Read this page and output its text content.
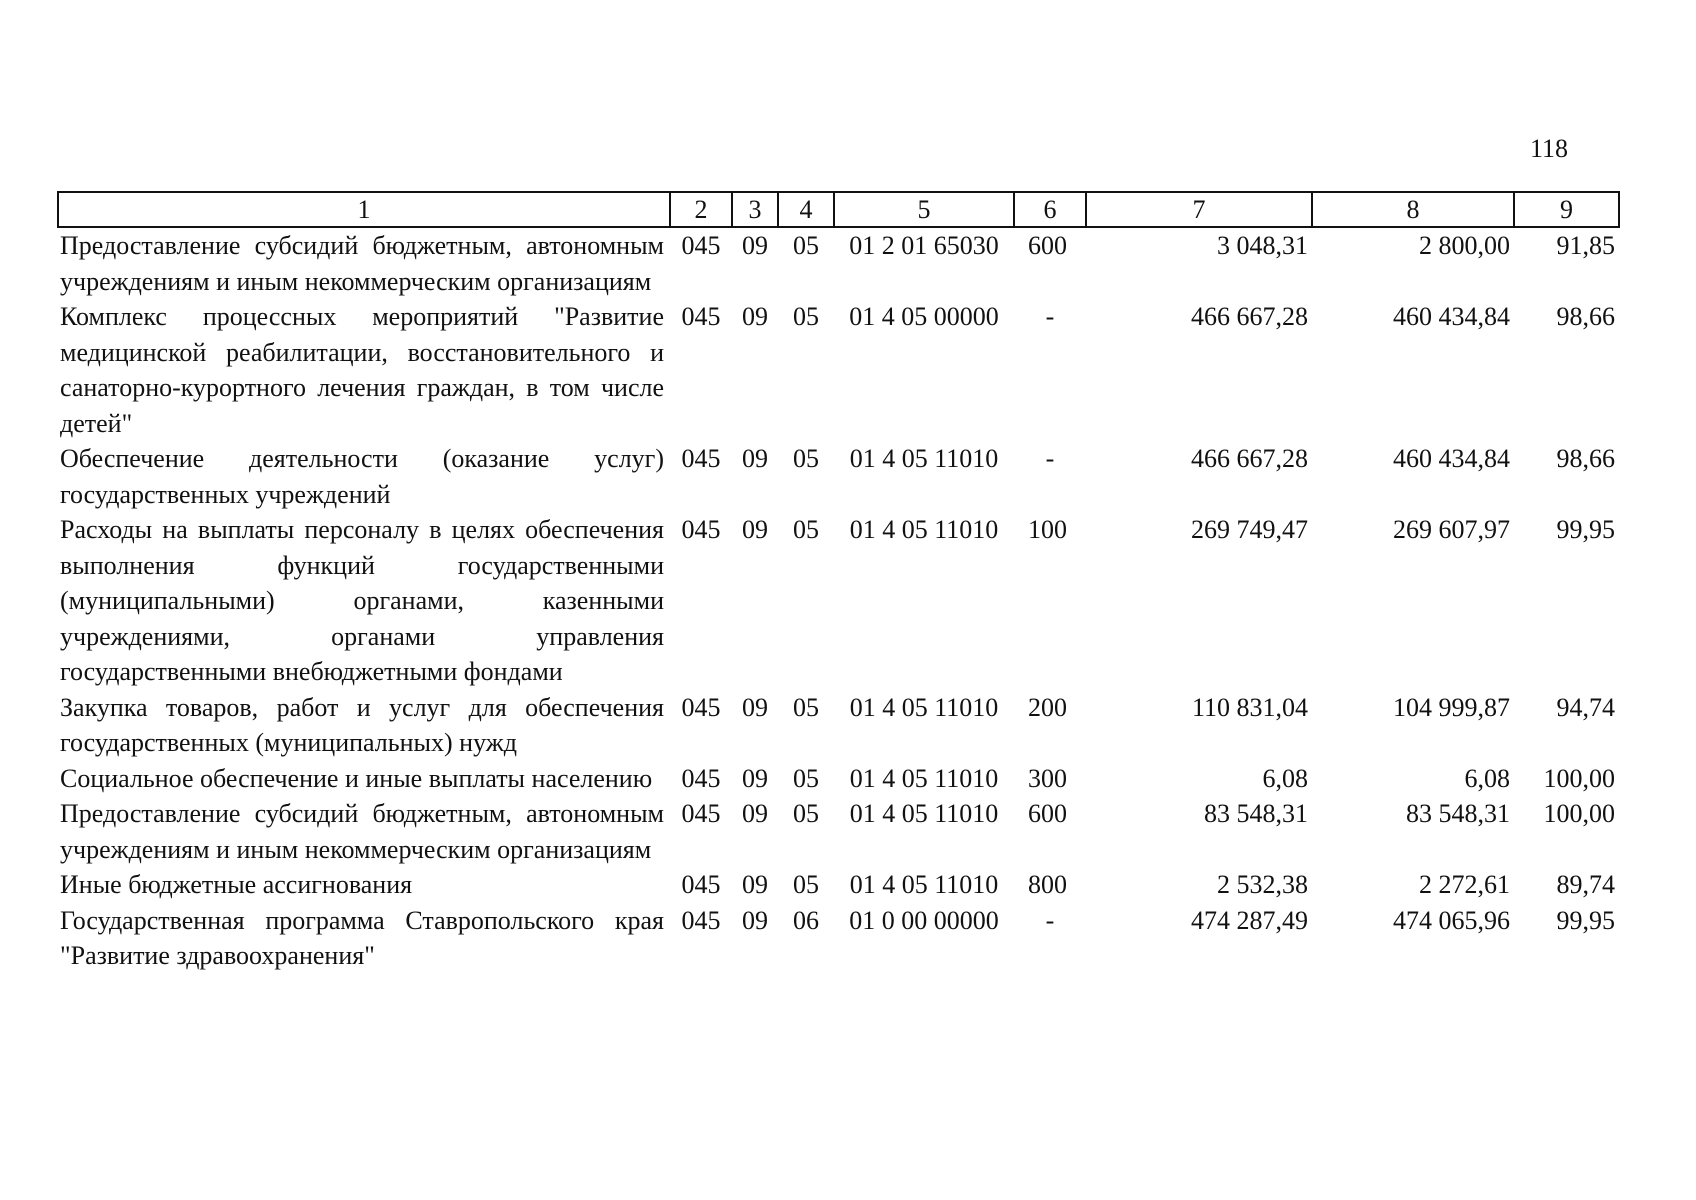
118
1	2	3	4	5	6	7	8	9
Предоставление субсидий бюджетным, автономным учреждениям и иным некоммерческим организациям	045	09	05	01 2 01 65030	600	3 048,31	2 800,00	91,85
Комплекс процессных мероприятий "Развитие медицинской реабилитации, восстановительного и санаторно-курортного лечения граждан, в том числе детей"	045	09	05	01 4 05 00000	-	466 667,28	460 434,84	98,66
Обеспечение деятельности (оказание услуг) государственных учреждений	045	09	05	01 4 05 11010	-	466 667,28	460 434,84	98,66
Расходы на выплаты персоналу в целях обеспечения выполнения функций государственными (муниципальными) органами, казенными учреждениями, органами управления государственными внебюджетными фондами	045	09	05	01 4 05 11010	100	269 749,47	269 607,97	99,95
Закупка товаров, работ и услуг для обеспечения государственных (муниципальных) нужд	045	09	05	01 4 05 11010	200	110 831,04	104 999,87	94,74
Социальное обеспечение и иные выплаты населению	045	09	05	01 4 05 11010	300	6,08	6,08	100,00
Предоставление субсидий бюджетным, автономным учреждениям и иным некоммерческим организациям	045	09	05	01 4 05 11010	600	83 548,31	83 548,31	100,00
Иные бюджетные ассигнования	045	09	05	01 4 05 11010	800	2 532,38	2 272,61	89,74
Государственная программа Ставропольского края "Развитие здравоохранения"	045	09	06	01 0 00 00000	-	474 287,49	474 065,96	99,95
